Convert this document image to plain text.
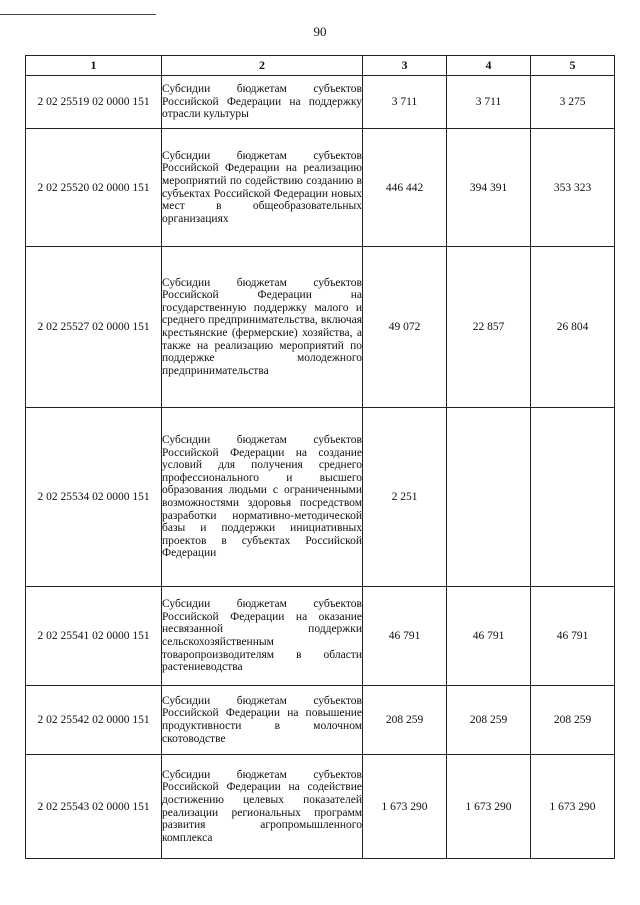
90
1	2	3	4	5
2 02 25519 02 0000 151	Субсидии бюджетам субъектов Российской Федерации на поддержку отрасли культуры	3 711	3 711	3 275
2 02 25520 02 0000 151	Субсидии бюджетам субъектов Российской Федерации на реализацию мероприятий по содействию созданию в субъектах Российской Федерации новых мест в общеобразовательных организациях	446 442	394 391	353 323
2 02 25527 02 0000 151	Субсидии бюджетам субъектов Российской Федерации на государственную поддержку малого и среднего предпринимательства, включая крестьянские (фермерские) хозяйства, а также на реализацию мероприятий по поддержке молодежного предпринимательства	49 072	22 857	26 804
2 02 25534 02 0000 151	Субсидии бюджетам субъектов Российской Федерации на создание условий для получения среднего профессионального и высшего образования людьми с ограниченными возможностями здоровья посредством разработки нормативно-методической базы и поддержки инициативных проектов в субъектах Российской Федерации	2 251		
2 02 25541 02 0000 151	Субсидии бюджетам субъектов Российской Федерации на оказание несвязанной поддержки сельскохозяйственным товаропроизводителям в области растениеводства	46 791	46 791	46 791
2 02 25542 02 0000 151	Субсидии бюджетам субъектов Российской Федерации на повышение продуктивности в молочном скотоводстве	208 259	208 259	208 259
2 02 25543 02 0000 151	Субсидии бюджетам субъектов Российской Федерации на содействие достижению целевых показателей реализации региональных программ развития агропромышленного комплекса	1 673 290	1 673 290	1 673 290
